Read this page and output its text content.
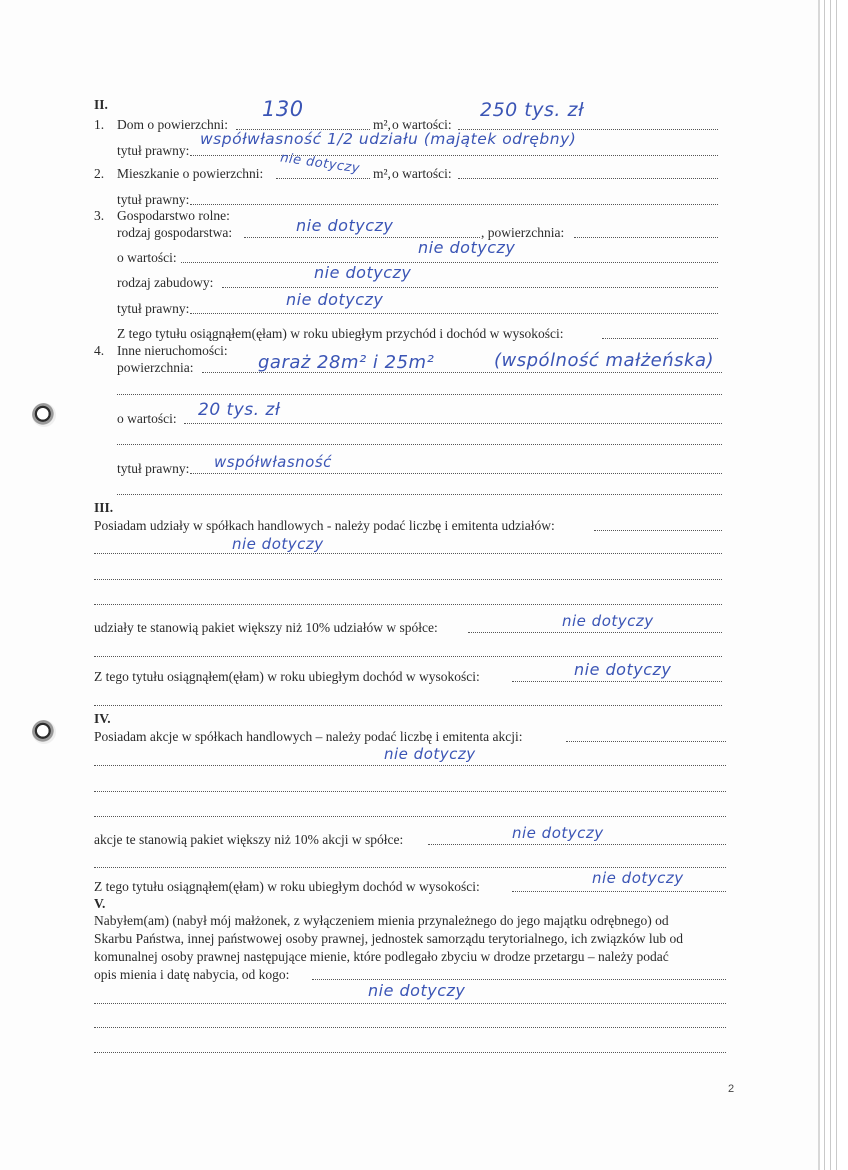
II.
1. Dom o powierzchni:	m², o wartości:
130	250 tys. zł
tytuł prawny:
współwłasność 1/2 udziału (majątek odrębny)
2. Mieszkanie o powierzchni:	m², o wartości:
nie dotyczy
tytuł prawny:
3. Gospodarstwo rolne:
rodzaj gospodarstwa:	, powierzchnia:
nie dotyczy
o wartości:
nie dotyczy
rodzaj zabudowy:
nie dotyczy
tytuł prawny:	nie dotyczy
Z tego tytułu osiągnąłem(ęłam) w roku ubiegłym przychód i dochód w wysokości:
4. Inne nieruchomości:
powierzchnia:	garaż 28m² i 25m²	(wspólność małżeńska)
o wartości: 20 tys. zł
tytuł prawny: współwłasność
III.
Posiadam udziały w spółkach handlowych - należy podać liczbę i emitenta udziałów:
nie dotyczy
udziały te stanowią pakiet większy niż 10% udziałów w spółce:	nie dotyczy
Z tego tytułu osiągnąłem(ęłam) w roku ubiegłym dochód w wysokości:	nie dotyczy
IV.
Posiadam akcje w spółkach handlowych – należy podać liczbę i emitenta akcji:
nie dotyczy
akcje te stanowią pakiet większy niż 10% akcji w spółce:	nie dotyczy
Z tego tytułu osiągnąłem(ęłam) w roku ubiegłym dochód w wysokości:	nie dotyczy
V.
Nabyłem(am) (nabył mój małżonek, z wyłączeniem mienia przynależnego do jego majątku odrębnego) od
Skarbu Państwa, innej państwowej osoby prawnej, jednostek samorządu terytorialnego, ich związków lub od
komunalnej osoby prawnej następujące mienie, które podlegało zbyciu w drodze przetargu – należy podać
opis mienia i datę nabycia, od kogo:
nie dotyczy
2
